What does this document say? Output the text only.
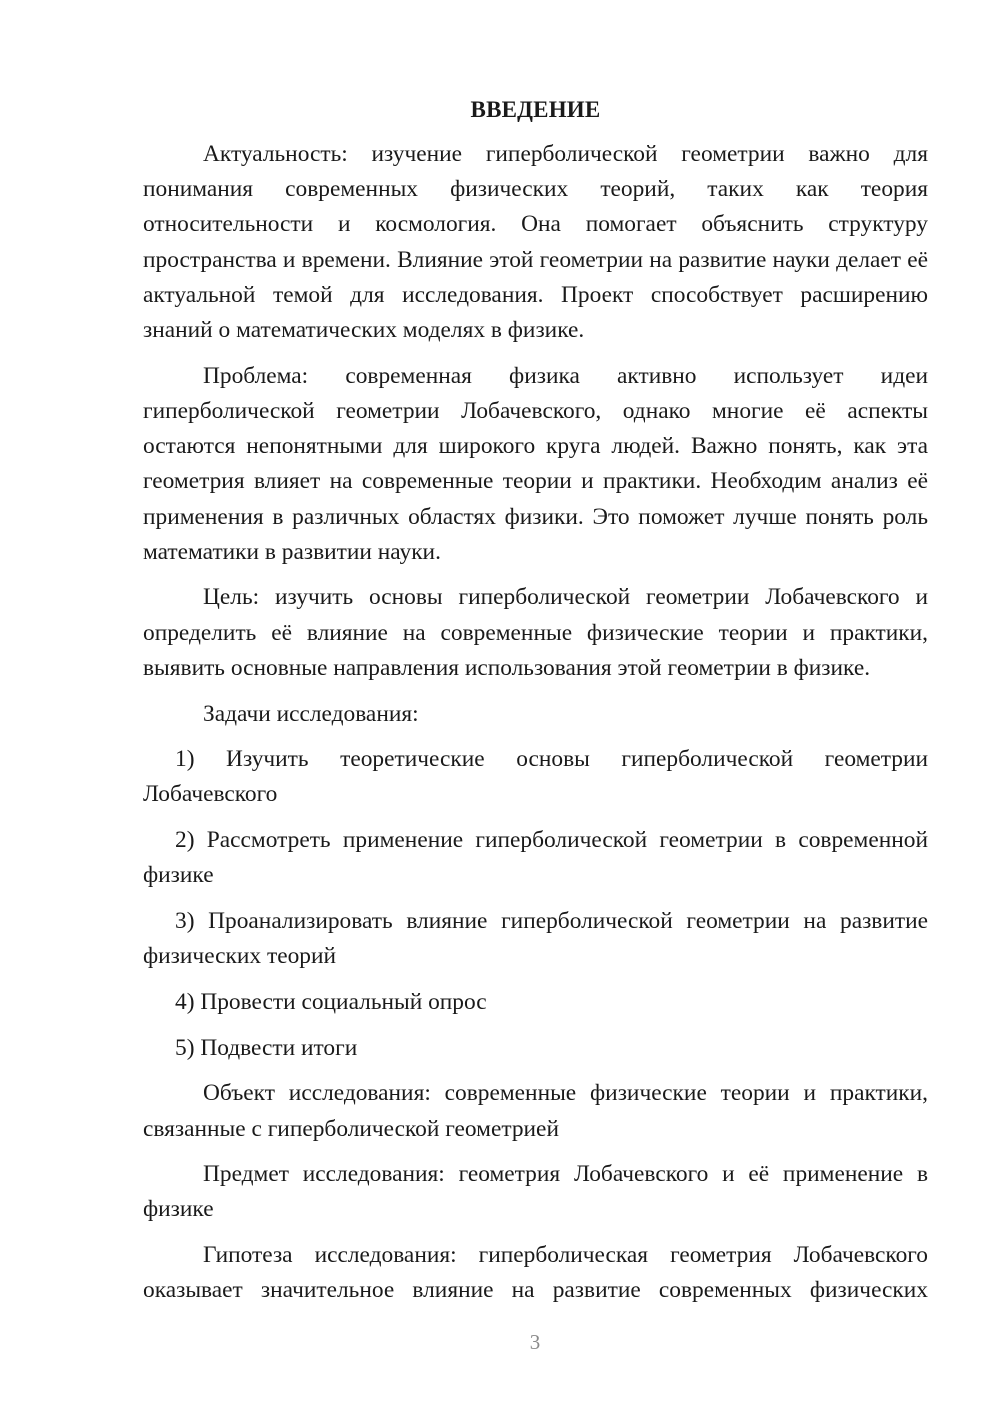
ВВЕДЕНИЕ

Актуальность: изучение гиперболической геометрии важно для понимания современных физических теорий, таких как теория относительности и космология. Она помогает объяснить структуру пространства и времени. Влияние этой геометрии на развитие науки делает её актуальной темой для исследования. Проект способствует расширению знаний о математических моделях в физике.

Проблема: современная физика активно использует идеи гиперболической геометрии Лобачевского, однако многие её аспекты остаются непонятными для широкого круга людей. Важно понять, как эта геометрия влияет на современные теории и практики. Необходим анализ её применения в различных областях физики. Это поможет лучше понять роль математики в развитии науки.

Цель: изучить основы гиперболической геометрии Лобачевского и определить её влияние на современные физические теории и практики, выявить основные направления использования этой геометрии в физике.

Задачи исследования:

1) Изучить теоретические основы гиперболической геометрии Лобачевского

2) Рассмотреть применение гиперболической геометрии в современной физике

3) Проанализировать влияние гиперболической геометрии на развитие физических теорий

4) Провести социальный опрос

5) Подвести итоги

Объект исследования: современные физические теории и практики, связанные с гиперболической геометрией

Предмет исследования: геометрия Лобачевского и её применение в физике

Гипотеза исследования: гиперболическая геометрия Лобачевского оказывает значительное влияние на развитие современных физических

3
